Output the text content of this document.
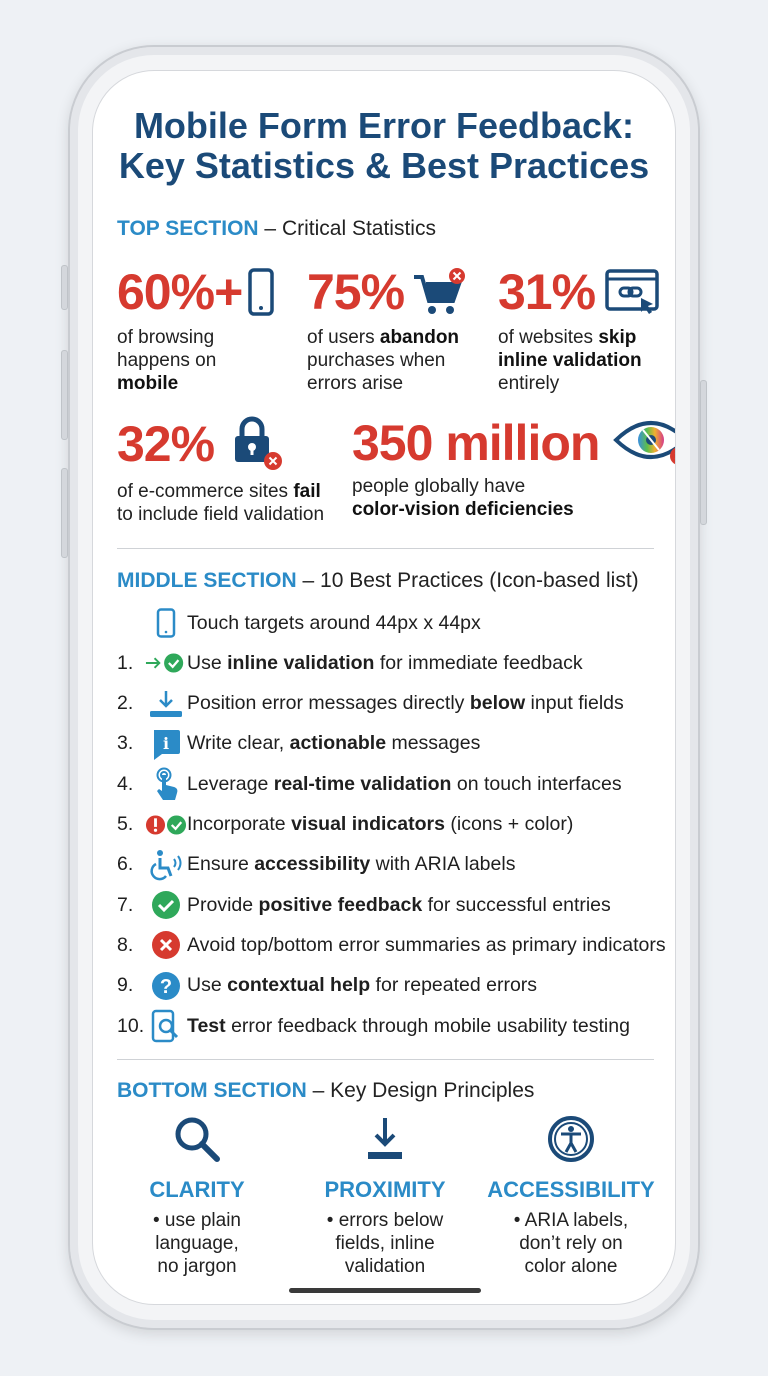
Mobile Form Error Feedback:
Key Statistics & Best Practices
TOP SECTION – Critical Statistics
60%+
of browsing
happens on
mobile
75%
of users abandon
purchases when
errors arise
31%
of websites skip
inline validation
entirely
32%
of e-commerce sites fail
to include field validation
350 million
people globally have
color-vision deficiencies
MIDDLE SECTION – 10 Best Practices (Icon-based list)
Touch targets around 44px x 44px
1.	Use inline validation for immediate feedback
2.	Position error messages directly below input fields
3.	i Write clear, actionable messages
4.	Leverage real-time validation on touch interfaces
5.	Incorporate visual indicators (icons + color)
6.	Ensure accessibility with ARIA labels
7.	Provide positive feedback for successful entries
8.	Avoid top/bottom error summaries as primary indicators
9.	? Use contextual help for repeated errors
10. Test error feedback through mobile usability testing
BOTTOM SECTION – Key Design Principles
CLARITY

• use plain
language,
no jargon

PROXIMITY

• errors below
fields, inline
validation

ACCESSIBILITY

• ARIA labels,
don’t rely on
color alone
